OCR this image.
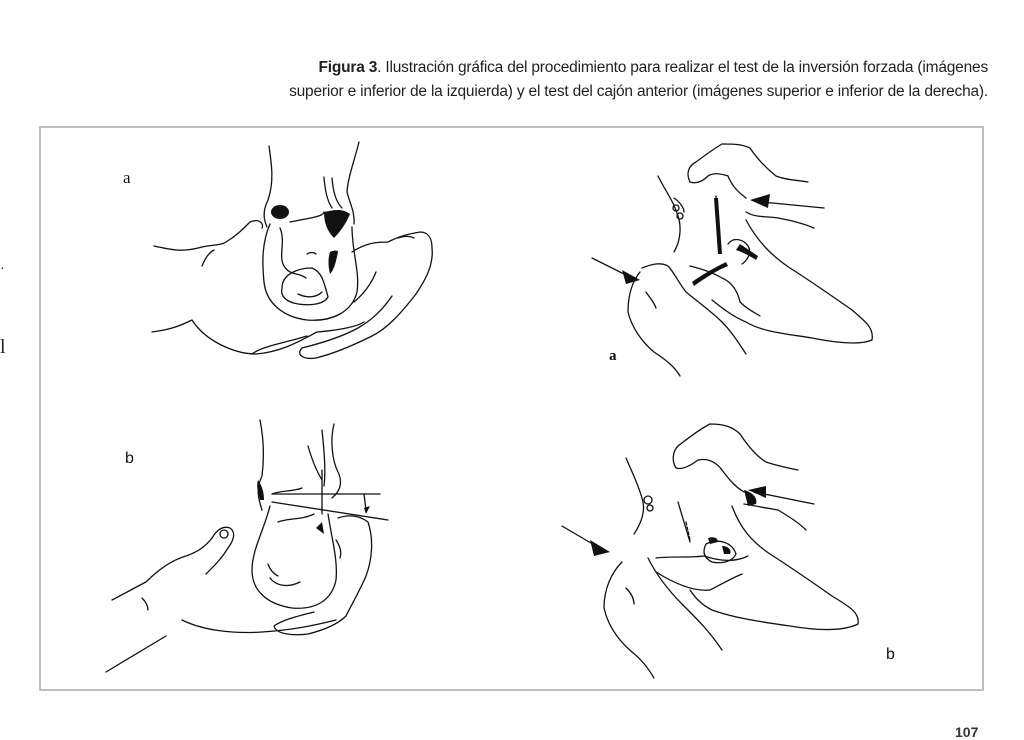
·
l
Figura 3. Ilustración gráfica del procedimiento para realizar el test de la inversión forzada (imágenes
superior e inferior de la izquierda) y el test del cajón anterior (imágenes superior e inferior de la derecha).
a
a
b
b
107
